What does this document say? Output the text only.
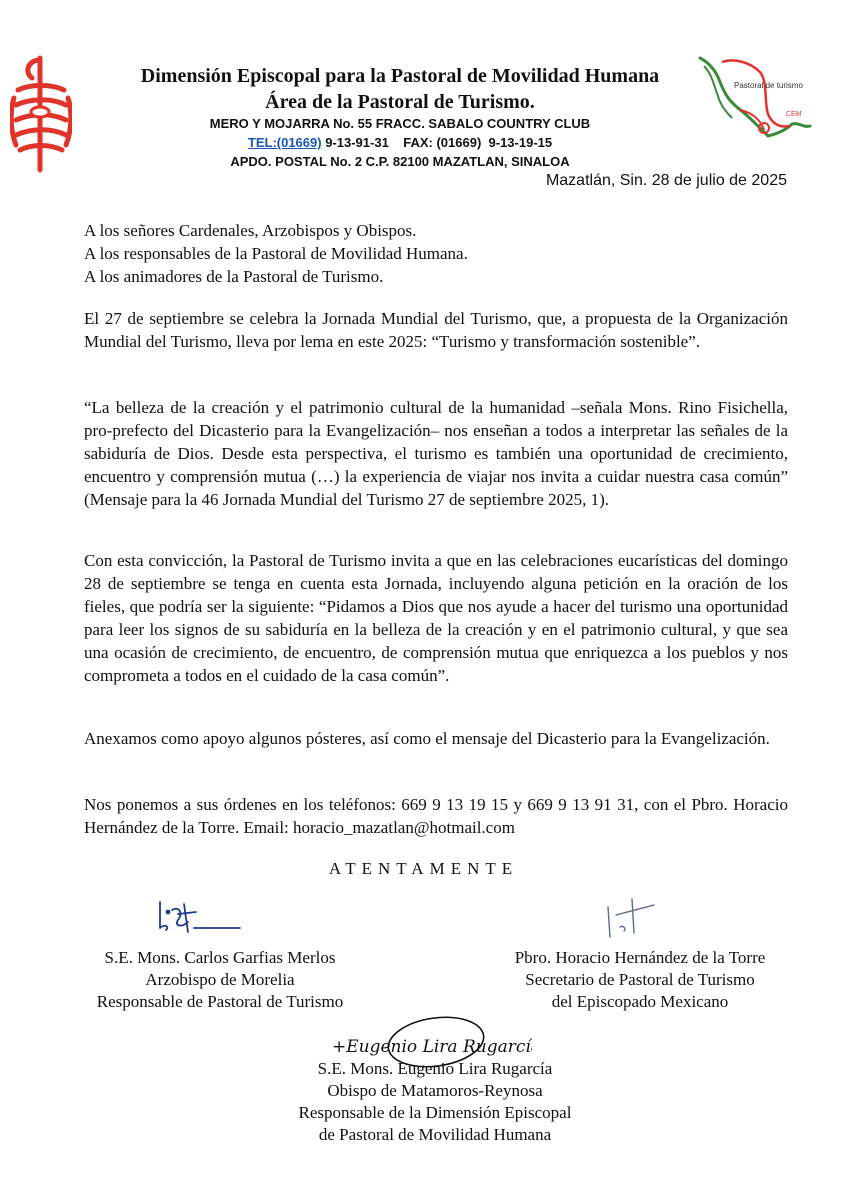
Dimensión Episcopal para la Pastoral de Movilidad Humana
Área de la Pastoral de Turismo.
MERO Y MOJARRA No. 55 FRACC. SABALO COUNTRY CLUB
TEL:(01669) 9-13-91-31    FAX: (01669)  9-13-19-15
APDO. POSTAL No. 2 C.P. 82100 MAZATLAN, SINALOA
Pastoral de turismo
CEM
Mazatlán, Sin. 28 de julio de 2025
A los señores Cardenales, Arzobispos y Obispos.
A los responsables de la Pastoral de Movilidad Humana.
A los animadores de la Pastoral de Turismo.

El 27 de septiembre se celebra la Jornada Mundial del Turismo, que, a propuesta de la Organización Mundial del Turismo, lleva por lema en este 2025: “Turismo y transformación sostenible”.

“La belleza de la creación y el patrimonio cultural de la humanidad –señala Mons. Rino Fisichella, pro-prefecto del Dicasterio para la Evangelización– nos enseñan a todos a interpretar las señales de la sabiduría de Dios. Desde esta perspectiva, el turismo es también una oportunidad de crecimiento, encuentro y comprensión mutua (…) la experiencia de viajar nos invita a cuidar nuestra casa común” (Mensaje para la 46 Jornada Mundial del Turismo 27 de septiembre 2025, 1).

Con esta convicción, la Pastoral de Turismo invita a que en las celebraciones eucarísticas del domingo 28 de septiembre se tenga en cuenta esta Jornada, incluyendo alguna petición en la oración de los fieles, que podría ser la siguiente: “Pidamos a Dios que nos ayude a hacer del turismo una oportunidad para leer los signos de su sabiduría en la belleza de la creación y en el patrimonio cultural, y que sea una ocasión de crecimiento, de encuentro, de comprensión mutua que enriquezca a los pueblos y nos comprometa a todos en el cuidado de la casa común”.

Anexamos como apoyo algunos pósteres, así como el mensaje del Dicasterio para la Evangelización.

Nos ponemos a sus órdenes en los teléfonos: 669 9 13 19 15 y 669 9 13 91 31, con el Pbro. Horacio Hernández de la Torre. Email: horacio_mazatlan@hotmail.com

ATENTAMENTE
S.E. Mons. Carlos Garfias Merlos
Arzobispo de Morelia
Responsable de Pastoral de Turismo
Pbro. Horacio Hernández de la Torre
Secretario de Pastoral de Turismo
del Episcopado Mexicano
+Eugenio Lira Rugarcía
S.E. Mons. Eugenio Lira Rugarcía
Obispo de Matamoros-Reynosa
Responsable de la Dimensión Episcopal
de Pastoral de Movilidad Humana
